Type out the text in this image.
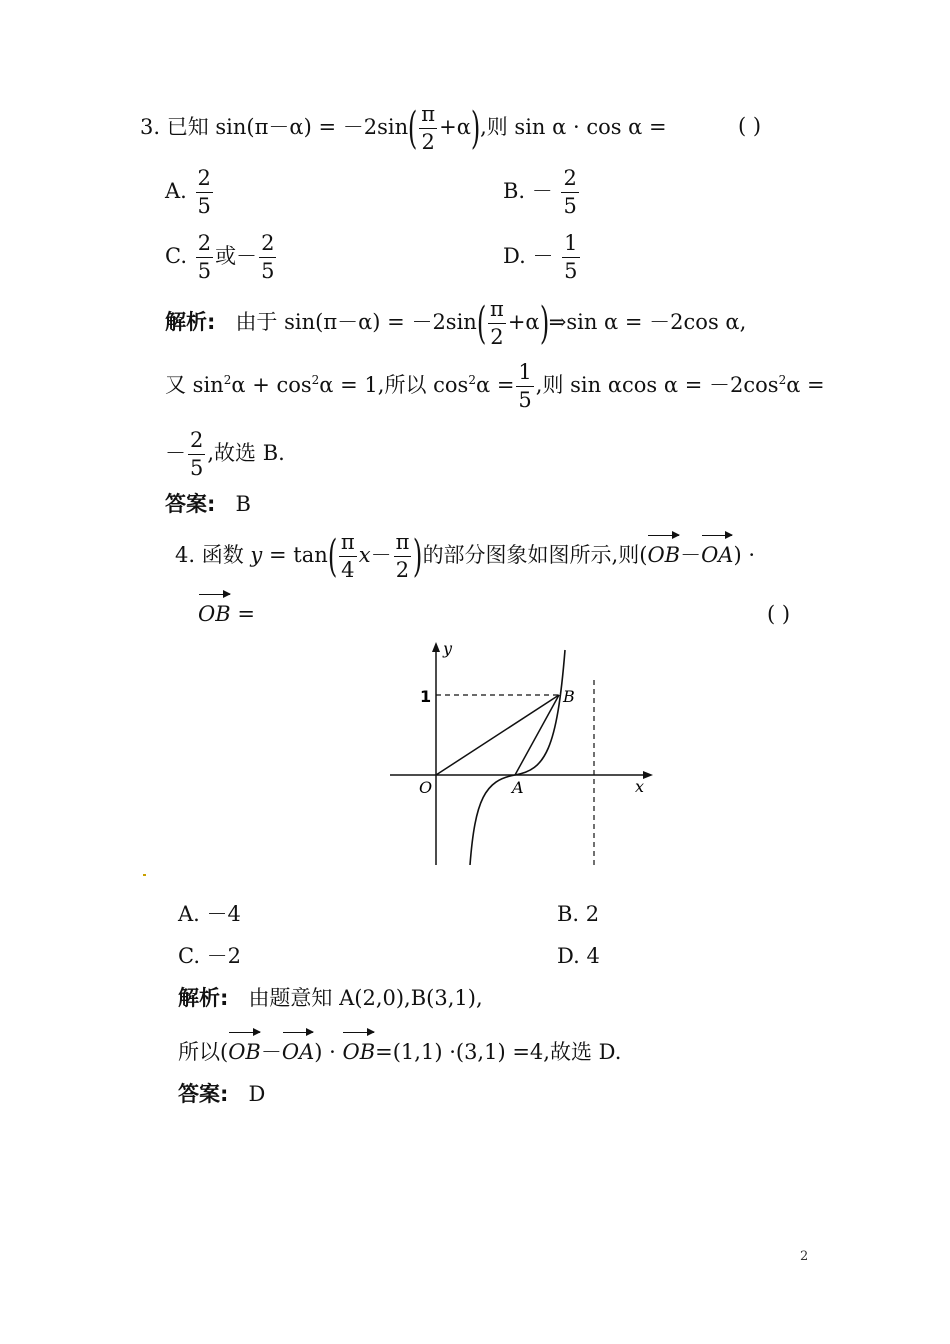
3. 已知 $\sin(\pi-\alpha) = -2\sin( \frac{\pi}{2} +\alpha)$,则 sin α · cos α =	( )
A. $\frac{2}{5}$	B. － $\frac{2}{5}$
C. $\frac{2}{5}$ 或－ $\frac{2}{5}$	D. － $\frac{1}{5}$
解析: 由于 $\sin(\pi-\alpha) = -2\sin( \frac{\pi}{2}$ +α)⇒sin α = －2cos α,
又 $\sin^2\alpha + \cos^2\alpha = 1$,所以 $\cos^2\alpha = \frac{1}{5}$ ,则 sin αcos $\alpha = -2\cos^2\alpha$ =
－ $\frac{2}{5}$ ,故选 B.
答案: B
4. 函数 $y = \tan( \frac{\pi}{4} x- \frac{\pi}{2}$ )的部分图象如图所示,则(OB－OA) ·
OB =	( )
y
x
O	A
B
1
A. －4	B. 2
C. －2	D. 4
解析: 由题意知 A(2,0),B(3,1),
所以(OB－OA) · OB=(1,1) ·(3,1) =4,故选 D.
答案: D
2
